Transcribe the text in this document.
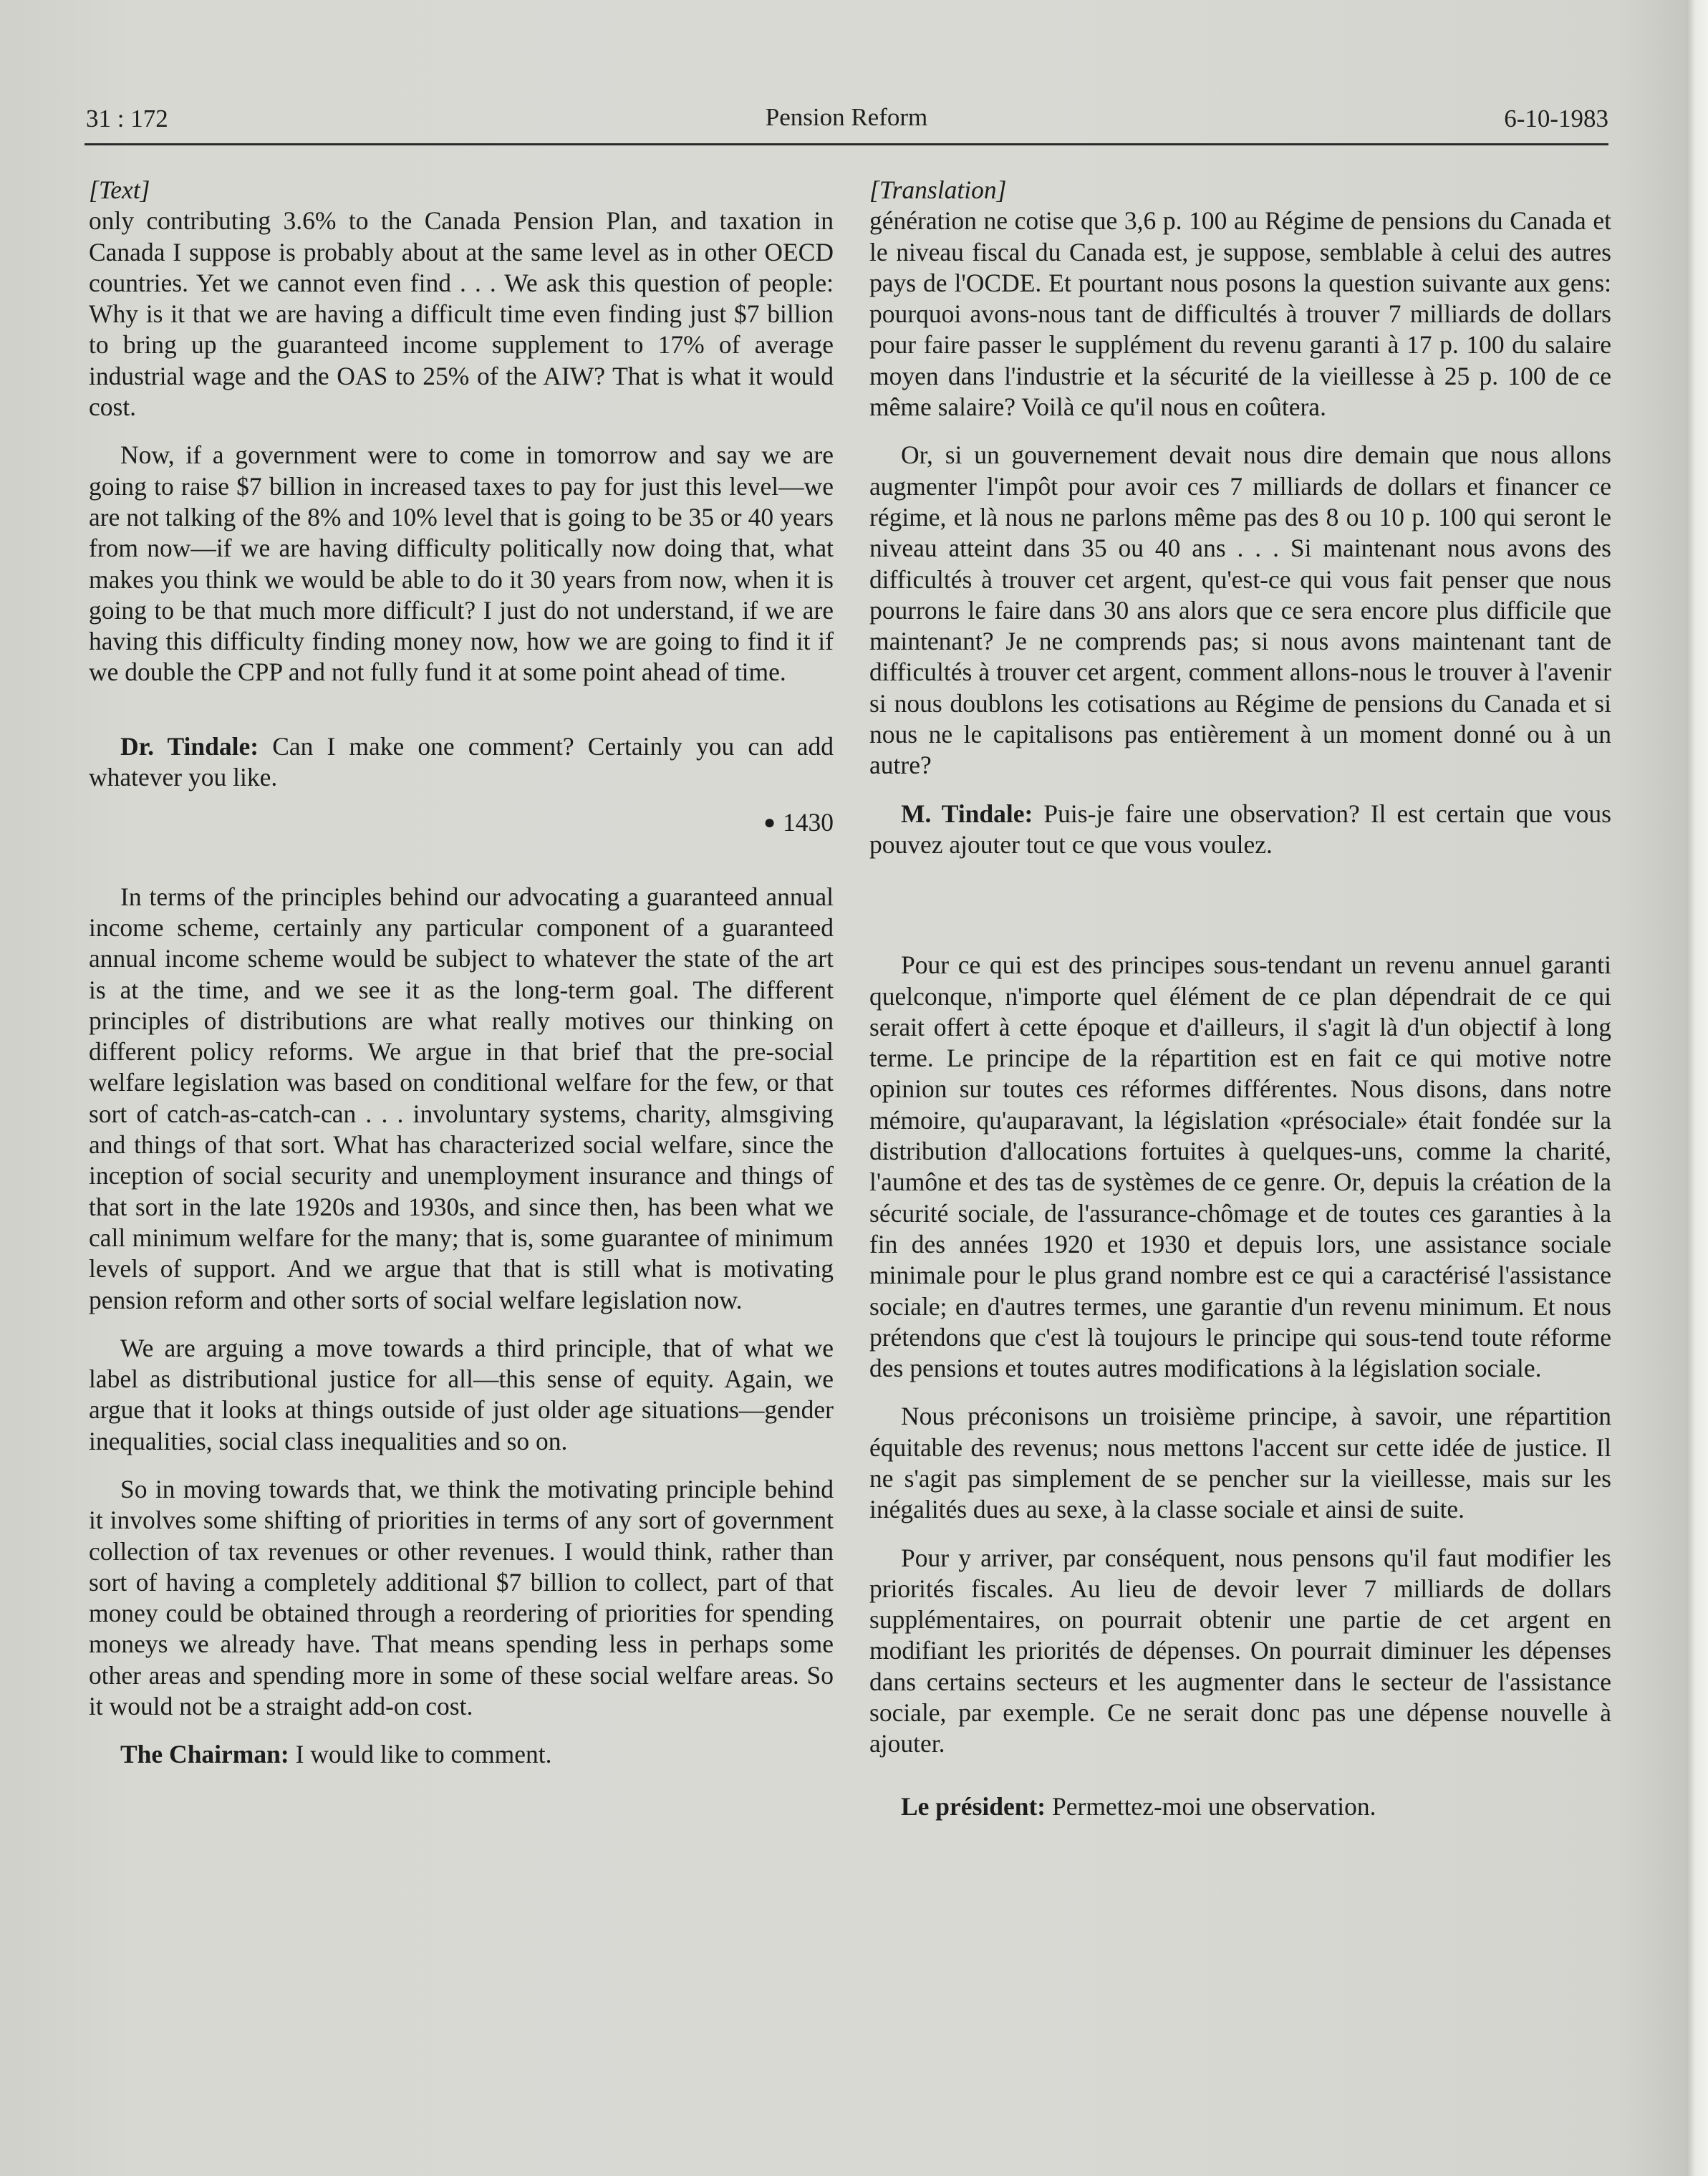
31 : 172	Pension Reform	6-10-1983

[Text]

only contributing 3.6% to the Canada Pension Plan, and taxation in Canada I suppose is probably about at the same level as in other OECD countries. Yet we cannot even find . . . We ask this question of people: Why is it that we are having a difficult time even finding just $7 billion to bring up the guaranteed income supplement to 17% of average industrial wage and the OAS to 25% of the AIW? That is what it would cost.

Now, if a government were to come in tomorrow and say we are going to raise $7 billion in increased taxes to pay for just this level—we are not talking of the 8% and 10% level that is going to be 35 or 40 years from now—if we are having difficulty politically now doing that, what makes you think we would be able to do it 30 years from now, when it is going to be that much more difficult? I just do not understand, if we are having this difficulty finding money now, how we are going to find it if we double the CPP and not fully fund it at some point ahead of time.

Dr. Tindale: Can I make one comment? Certainly you can add whatever you like.

● 1430

In terms of the principles behind our advocating a guaranteed annual income scheme, certainly any particular component of a guaranteed annual income scheme would be subject to whatever the state of the art is at the time, and we see it as the long-term goal. The different principles of distributions are what really motives our thinking on different policy reforms. We argue in that brief that the pre-social welfare legislation was based on conditional welfare for the few, or that sort of catch-as-catch-can . . . involuntary systems, charity, almsgiving and things of that sort. What has characterized social welfare, since the inception of social security and unemployment insurance and things of that sort in the late 1920s and 1930s, and since then, has been what we call minimum welfare for the many; that is, some guarantee of minimum levels of support. And we argue that that is still what is motivating pension reform and other sorts of social welfare legislation now.

We are arguing a move towards a third principle, that of what we label as distributional justice for all—this sense of equity. Again, we argue that it looks at things outside of just older age situations—gender inequalities, social class inequalities and so on.

So in moving towards that, we think the motivating principle behind it involves some shifting of priorities in terms of any sort of government collection of tax revenues or other revenues. I would think, rather than sort of having a completely additional $7 billion to collect, part of that money could be obtained through a reordering of priorities for spending moneys we already have. That means spending less in perhaps some other areas and spending more in some of these social welfare areas. So it would not be a straight add-on cost.

The Chairman: I would like to comment.

[Translation]

génération ne cotise que 3,6 p. 100 au Régime de pensions du Canada et le niveau fiscal du Canada est, je suppose, semblable à celui des autres pays de l'OCDE. Et pourtant nous posons la question suivante aux gens: pourquoi avons-nous tant de difficultés à trouver 7 milliards de dollars pour faire passer le supplément du revenu garanti à 17 p. 100 du salaire moyen dans l'industrie et la sécurité de la vieillesse à 25 p. 100 de ce même salaire? Voilà ce qu'il nous en coûtera.

Or, si un gouvernement devait nous dire demain que nous allons augmenter l'impôt pour avoir ces 7 milliards de dollars et financer ce régime, et là nous ne parlons même pas des 8 ou 10 p. 100 qui seront le niveau atteint dans 35 ou 40 ans . . . Si maintenant nous avons des difficultés à trouver cet argent, qu'est-ce qui vous fait penser que nous pourrons le faire dans 30 ans alors que ce sera encore plus difficile que maintenant? Je ne comprends pas; si nous avons maintenant tant de difficultés à trouver cet argent, comment allons-nous le trouver à l'avenir si nous doublons les cotisations au Régime de pensions du Canada et si nous ne le capitalisons pas entièrement à un moment donné ou à un autre?

M. Tindale: Puis-je faire une observation? Il est certain que vous pouvez ajouter tout ce que vous voulez.

Pour ce qui est des principes sous-tendant un revenu annuel garanti quelconque, n'importe quel élément de ce plan dépendrait de ce qui serait offert à cette époque et d'ailleurs, il s'agit là d'un objectif à long terme. Le principe de la répartition est en fait ce qui motive notre opinion sur toutes ces réformes différentes. Nous disons, dans notre mémoire, qu'auparavant, la législation «présociale» était fondée sur la distribution d'allocations fortuites à quelques-uns, comme la charité, l'aumône et des tas de systèmes de ce genre. Or, depuis la création de la sécurité sociale, de l'assurance-chômage et de toutes ces garanties à la fin des années 1920 et 1930 et depuis lors, une assistance sociale minimale pour le plus grand nombre est ce qui a caractérisé l'assistance sociale; en d'autres termes, une garantie d'un revenu minimum. Et nous prétendons que c'est là toujours le principe qui sous-tend toute réforme des pensions et toutes autres modifications à la législation sociale.

Nous préconisons un troisième principe, à savoir, une répartition équitable des revenus; nous mettons l'accent sur cette idée de justice. Il ne s'agit pas simplement de se pencher sur la vieillesse, mais sur les inégalités dues au sexe, à la classe sociale et ainsi de suite.

Pour y arriver, par conséquent, nous pensons qu'il faut modifier les priorités fiscales. Au lieu de devoir lever 7 milliards de dollars supplémentaires, on pourrait obtenir une partie de cet argent en modifiant les priorités de dépenses. On pourrait diminuer les dépenses dans certains secteurs et les augmenter dans le secteur de l'assistance sociale, par exemple. Ce ne serait donc pas une dépense nouvelle à ajouter.

Le président: Permettez-moi une observation.
